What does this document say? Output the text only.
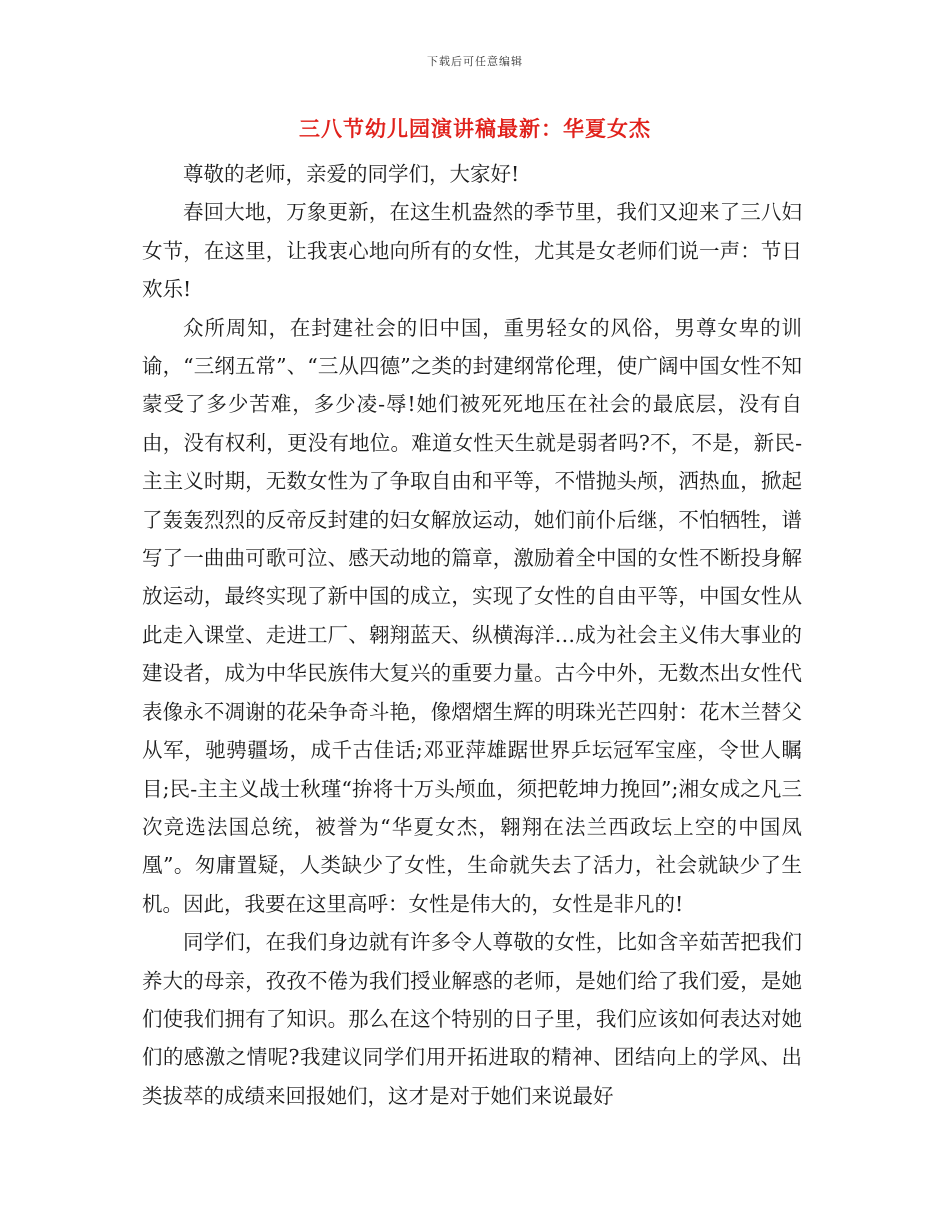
下载后可任意编辑
三八节幼儿园演讲稿最新：华夏女杰

尊敬的老师，亲爱的同学们，大家好!

春回大地，万象更新，在这生机盎然的季节里，我们又迎来了三八妇女节，在这里，让我衷心地向所有的女性，尤其是女老师们说一声：节日欢乐!

众所周知，在封建社会的旧中国，重男轻女的风俗，男尊女卑的训谕，“三纲五常”、“三从四德”之类的封建纲常伦理，使广阔中国女性不知蒙受了多少苦难，多少凌-辱!她们被死死地压在社会的最底层，没有自由，没有权利，更没有地位。难道女性天生就是弱者吗?不，不是，新民-主主义时期，无数女性为了争取自由和平等，不惜抛头颅，洒热血，掀起了轰轰烈烈的反帝反封建的妇女解放运动，她们前仆后继，不怕牺牲，谱写了一曲曲可歌可泣、感天动地的篇章，激励着全中国的女性不断投身解放运动，最终实现了新中国的成立，实现了女性的自由平等，中国女性从此走入课堂、走进工厂、翱翔蓝天、纵横海洋…成为社会主义伟大事业的建设者，成为中华民族伟大复兴的重要力量。古今中外，无数杰出女性代表像永不凋谢的花朵争奇斗艳，像熠熠生辉的明珠光芒四射：花木兰替父从军，驰骋疆场，成千古佳话;邓亚萍雄踞世界乒坛冠军宝座，令世人瞩目;民-主主义战士秋瑾“拚将十万头颅血，须把乾坤力挽回”;湘女成之凡三次竞选法国总统，被誉为“华夏女杰，翱翔在法兰西政坛上空的中国凤凰”。匆庸置疑，人类缺少了女性，生命就失去了活力，社会就缺少了生机。因此，我要在这里高呼：女性是伟大的，女性是非凡的!

同学们，在我们身边就有许多令人尊敬的女性，比如含辛茹苦把我们养大的母亲，孜孜不倦为我们授业解惑的老师，是她们给了我们爱，是她们使我们拥有了知识。那么在这个特别的日子里，我们应该如何表达对她们的感激之情呢?我建议同学们用开拓进取的精神、团结向上的学风、出类拔萃的成绩来回报她们，这才是对于她们来说最好
